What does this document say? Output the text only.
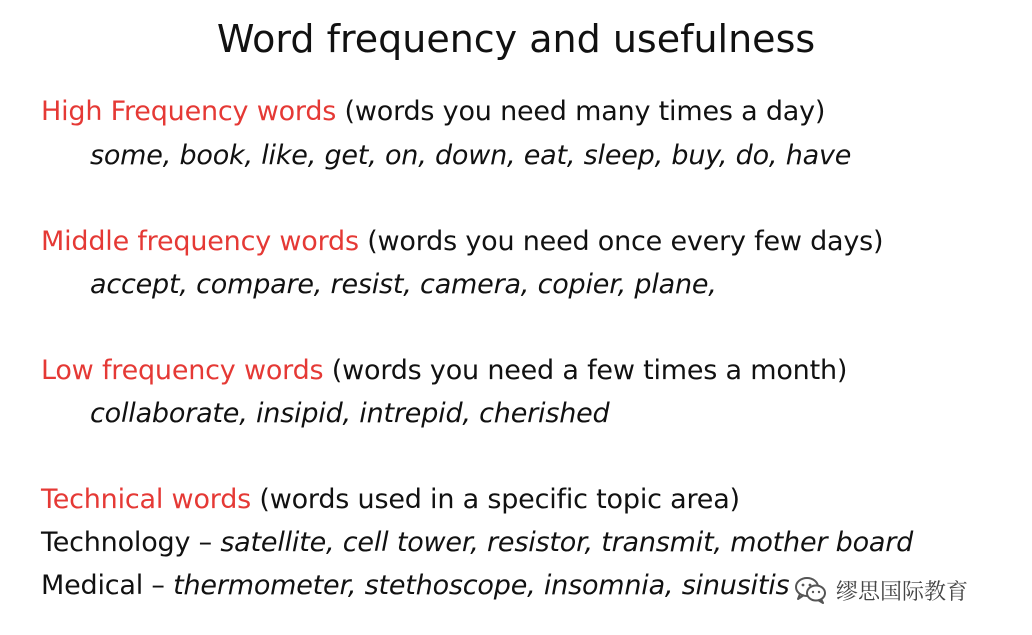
Word frequency and usefulness
High Frequency words (words you need many times a day)
some, book, like, get, on, down, eat, sleep, buy, do, have
Middle frequency words (words you need once every few days)
accept, compare, resist, camera, copier, plane,
Low frequency words (words you need a few times a month)
collaborate, insipid, intrepid, cherished
Technical words (words used in a specific topic area)
Technology – satellite, cell tower, resistor, transmit, mother board
Medical – thermometer, stethoscope, insomnia, sinusitis 缪思国际教育
